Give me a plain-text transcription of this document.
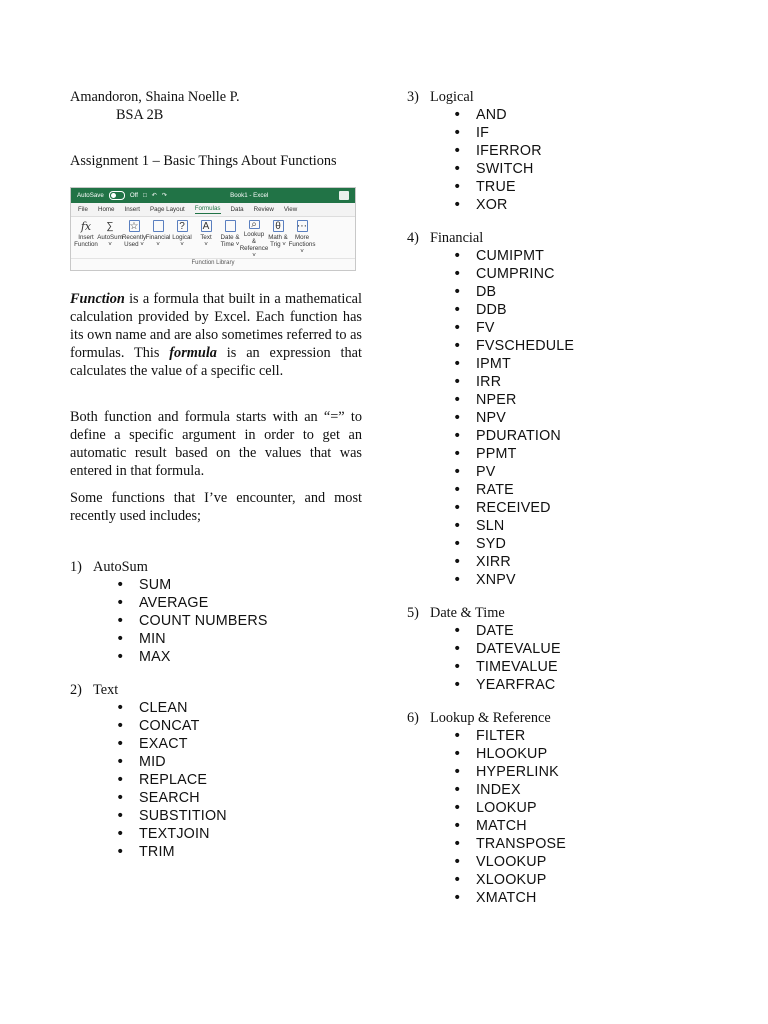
Amandoron, Shaina Noelle P.

BSA 2B

Assignment 1 – Basic Things About Functions

AutoSave	Off □ ↶ ↷	Book1 - Excel
File Home Insert Page Layout Formulas Data Review View
fx
Insert
Function
∑
AutoSum
˅
☆
Recently
Used ˅
Financial
˅
?
Logical
˅
A
Text
˅
Date &
Time ˅
⌕
Lookup &
Reference ˅
θ
Math &
Trig ˅
⋯
More
Functions ˅
Function Library

Function is a formula that built in a mathematical calculation provided by Excel. Each function has its own name and are also sometimes referred to as formulas. This formula is an expression that calculates the value of a specific cell.

Both function and formula starts with an “=” to define a specific argument in order to get an automatic result based on the values that was entered in that formula.

Some functions that I’ve encounter, and most recently used includes;

1) AutoSum

• SUM
• AVERAGE
• COUNT NUMBERS
• MIN
• MAX

2) Text

• CLEAN
• CONCAT
• EXACT
• MID
• REPLACE
• SEARCH
• SUBSTITION
• TEXTJOIN
• TRIM

3) Logical

• AND
• IF
• IFERROR
• SWITCH
• TRUE
• XOR

4) Financial

• CUMIPMT
• CUMPRINC
• DB
• DDB
• FV
• FVSCHEDULE
• IPMT
• IRR
• NPER
• NPV
• PDURATION
• PPMT
• PV
• RATE
• RECEIVED
• SLN
• SYD
• XIRR
• XNPV

5) Date & Time

• DATE
• DATEVALUE
• TIMEVALUE
• YEARFRAC

6) Lookup & Reference

• FILTER
• HLOOKUP
• HYPERLINK
• INDEX
• LOOKUP
• MATCH
• TRANSPOSE
• VLOOKUP
• XLOOKUP
• XMATCH
